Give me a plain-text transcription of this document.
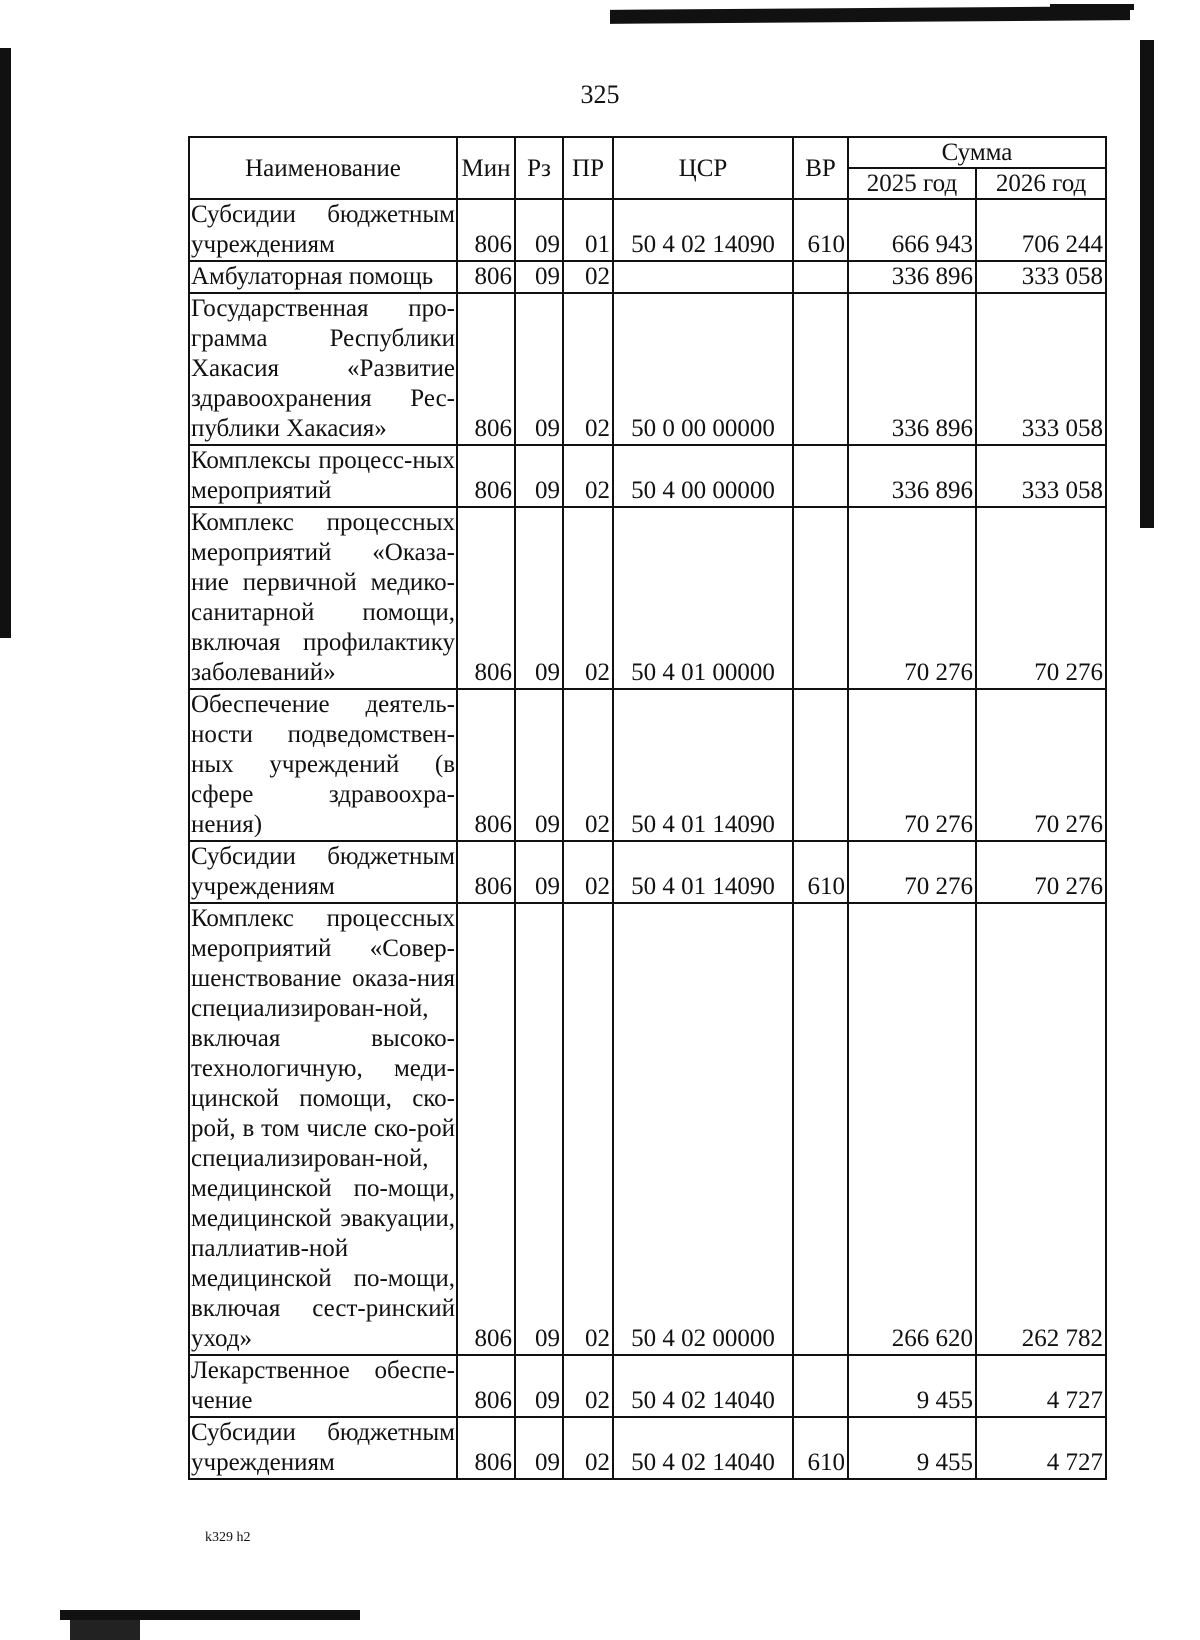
325
Наименование	Мин	Рз	ПР	ЦСР	ВР	Сумма	
						2025 год	2026 год
Субсидии бюджетным учреждениям	806	09	01	50 4 02 14090	610	666 943	706 244
Амбулаторная помощь	806	09	02			336 896	333 058
Государственная про-грамма Республики Хакасия «Развитие здравоохранения Рес-публики Хакасия»	806	09	02	50 0 00 00000		336 896	333 058
Комплексы процесс-ных мероприятий	806	09	02	50 4 00 00000		336 896	333 058
Комплекс процессных мероприятий «Оказа-ние первичной медико-санитарной помощи, включая профилактику заболеваний»	806	09	02	50 4 01 00000		70 276	70 276
Обеспечение деятель-ности подведомствен-ных учреждений (в сфере здравоохра-нения)	806	09	02	50 4 01 14090		70 276	70 276
Субсидии бюджетным учреждениям	806	09	02	50 4 01 14090	610	70 276	70 276
Комплекс процессных мероприятий «Совер-шенствование оказа-ния специализирован-ной, включая высоко-технологичную, меди-цинской помощи, ско-рой, в том числе ско-рой специализирован-ной, медицинской по-мощи, медицинской эвакуации, паллиатив-ной медицинской по-мощи, включая сест-ринский уход»	806	09	02	50 4 02 00000		266 620	262 782
Лекарственное обеспе-чение	806	09	02	50 4 02 14040		9 455	4 727
Субсидии бюджетным учреждениям	806	09	02	50 4 02 14040	610	9 455	4 727
k329 h2
